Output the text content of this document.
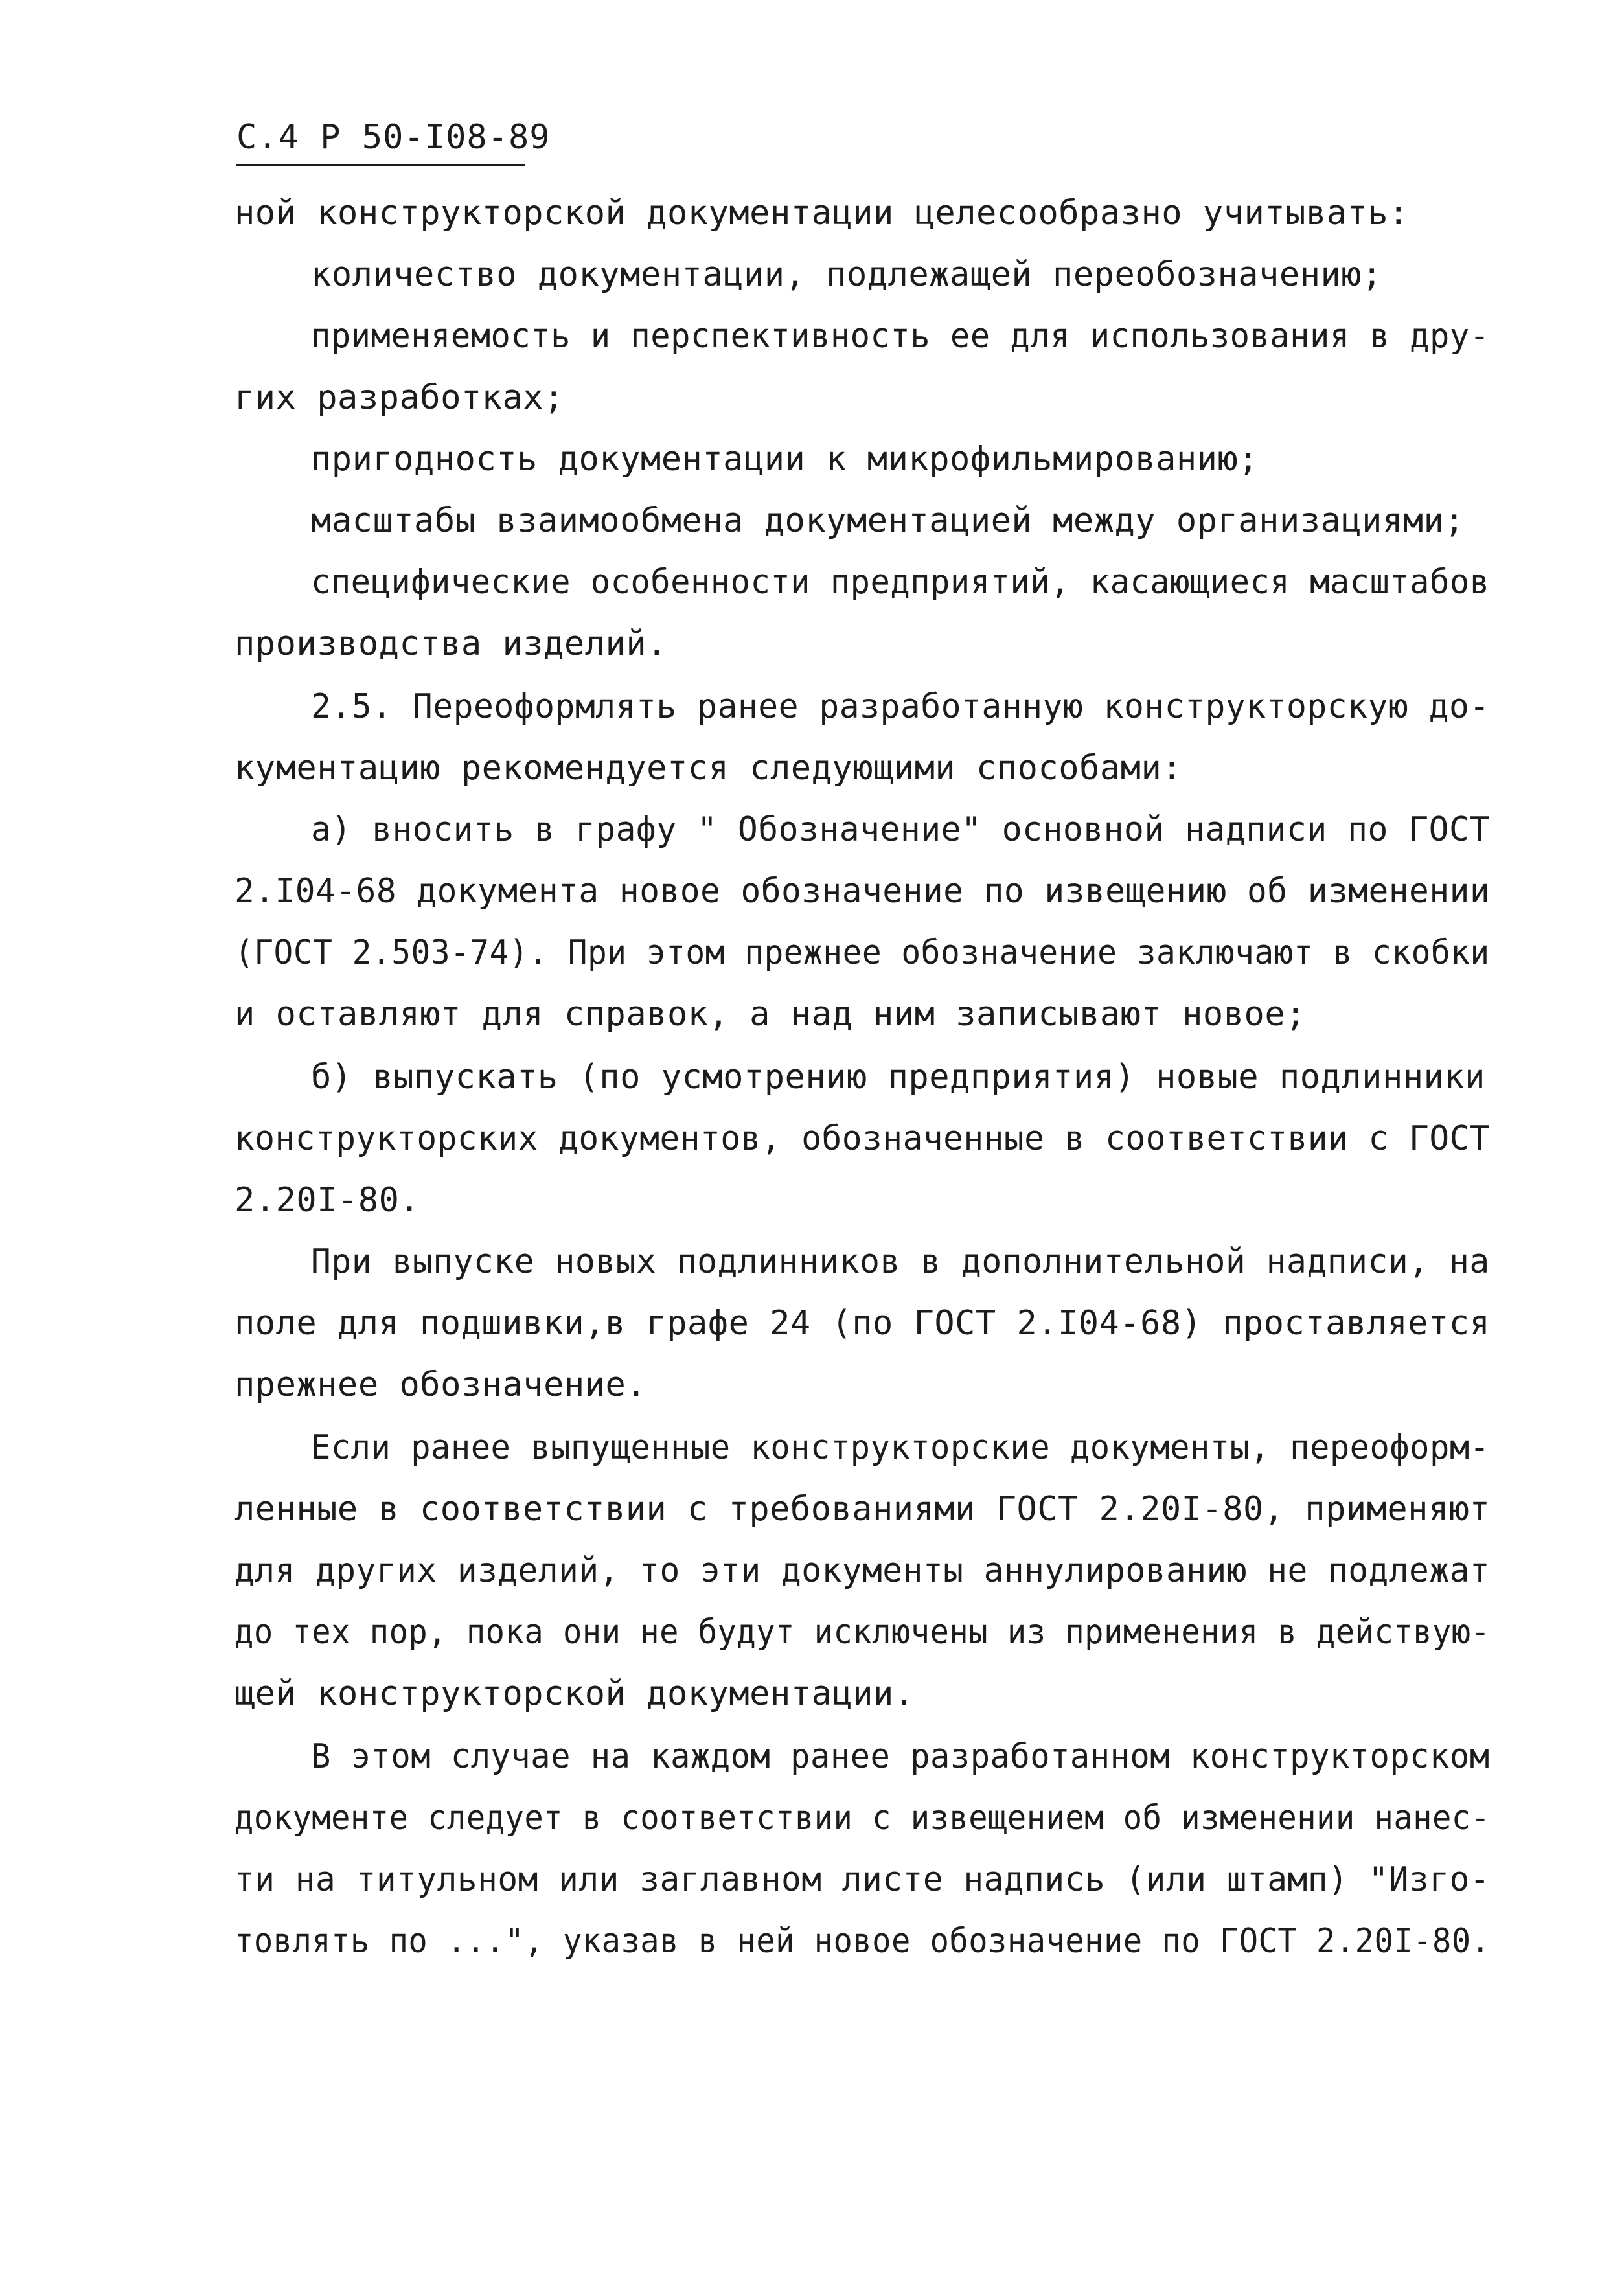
С.4 Р 50-I08-89
ной конструкторской документации целесообразно учитывать:
количество документации, подлежащей переобозначению;
применяемость и перспективность ее для использования в дру-
гих разработках;
пригодность документации к микрофильмированию;
масштабы взаимообмена документацией между организациями;
специфические особенности предприятий, касающиеся масштабов
производства изделий.
2.5. Переоформлять ранее разработанную конструкторскую до-
кументацию рекомендуется следующими способами:
а) вносить в графу " Обозначение" основной надписи по ГОСТ
2.I04-68 документа новое обозначение по извещению об изменении
(ГОСТ 2.503-74). При этом прежнее обозначение заключают в скобки
и оставляют для справок, а над ним записывают новое;
б) выпускать (по усмотрению предприятия) новые подлинники
конструкторских документов, обозначенные в соответствии с ГОСТ
2.20I-80.
При выпуске новых подлинников в дополнительной надписи, на
поле для подшивки,в графе 24 (по ГОСТ 2.I04-68) проставляется
прежнее обозначение.
Если ранее выпущенные конструкторские документы, переоформ-
ленные в соответствии с требованиями ГОСТ 2.20I-80, применяют
для других изделий, то эти документы аннулированию не подлежат
до тех пор, пока они не будут исключены из применения в действую-
щей конструкторской документации.
В этом случае на каждом ранее разработанном конструкторском
документе следует в соответствии с извещением об изменении нанес-
ти на титульном или заглавном листе надпись (или штамп) "Изго-
товлять по ...", указав в ней новое обозначение по ГОСТ 2.20I-80.
